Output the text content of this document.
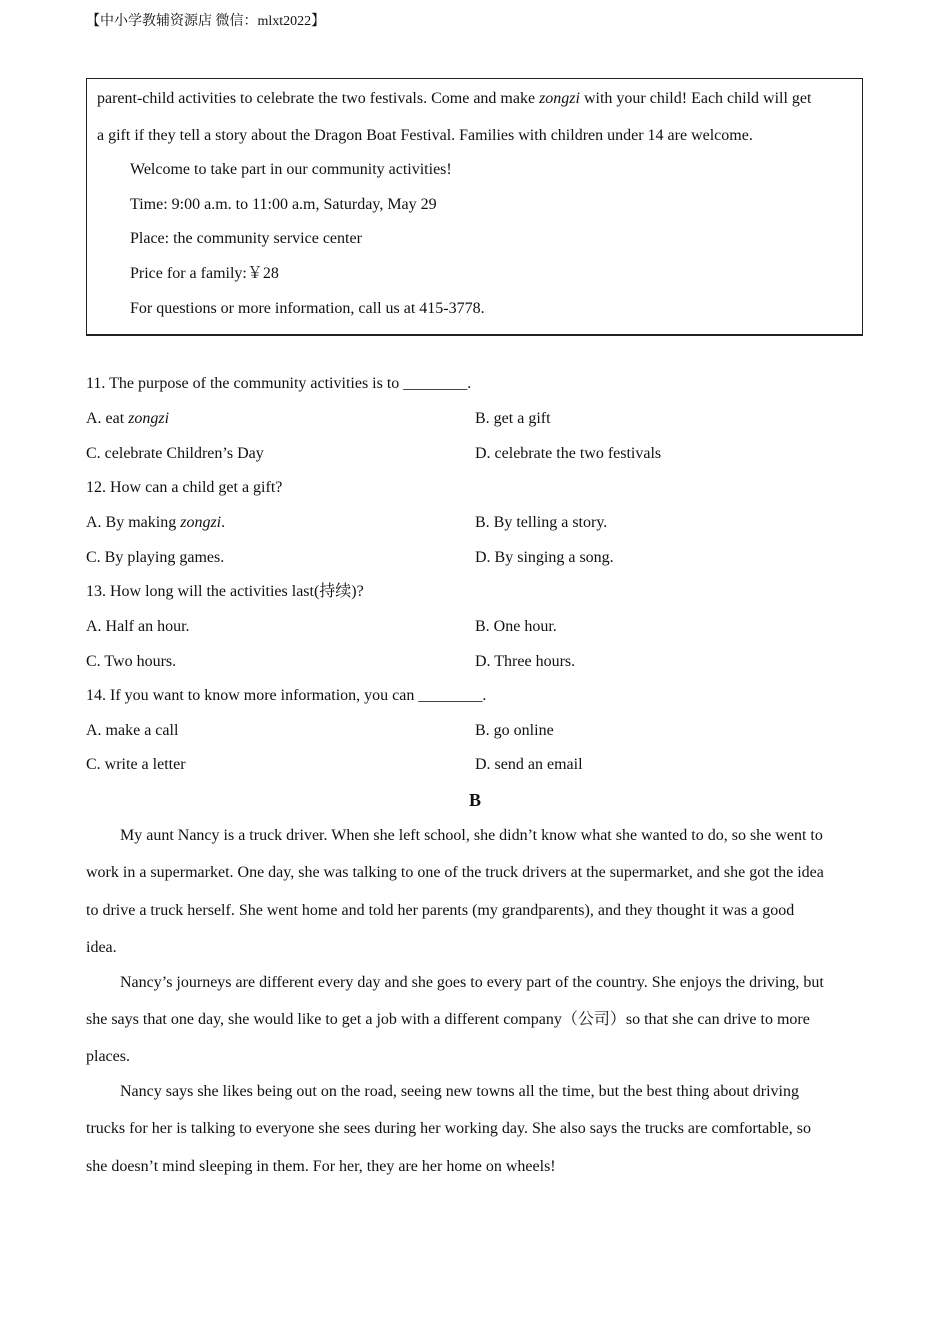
【中小学教辅资源店 微信：mlxt2022】
parent-child activities to celebrate the two festivals. Come and make zongzi with your child! Each child will get
a gift if they tell a story about the Dragon Boat Festival. Families with children under 14 are welcome.
Welcome to take part in our community activities!
Time: 9:00 a.m. to 11:00 a.m, Saturday, May 29
Place: the community service center
Price for a family:￥28
For questions or more information, call us at 415-3778.
11. The purpose of the community activities is to ________.
A. eat zongzi	B. get a gift
C. celebrate Children’s Day	D. celebrate the two festivals
12. How can a child get a gift?
A. By making zongzi.	B. By telling a story.
C. By playing games.	D. By singing a song.
13. How long will the activities last(持续)?
A. Half an hour.	B. One hour.
C. Two hours.	D. Three hours.
14. If you want to know more information, you can ________.
A. make a call	B. go online
C. write a letter	D. send an email
B
My aunt Nancy is a truck driver. When she left school, she didn’t know what she wanted to do, so she went to
work in a supermarket. One day, she was talking to one of the truck drivers at the supermarket, and she got the idea
to drive a truck herself. She went home and told her parents (my grandparents), and they thought it was a good
idea.
Nancy’s journeys are different every day and she goes to every part of the country. She enjoys the driving, but
she says that one day, she would like to get a job with a different company（公司）so that she can drive to more
places.
Nancy says she likes being out on the road, seeing new towns all the time, but the best thing about driving
trucks for her is talking to everyone she sees during her working day. She also says the trucks are comfortable, so
she doesn’t mind sleeping in them. For her, they are her home on wheels!
